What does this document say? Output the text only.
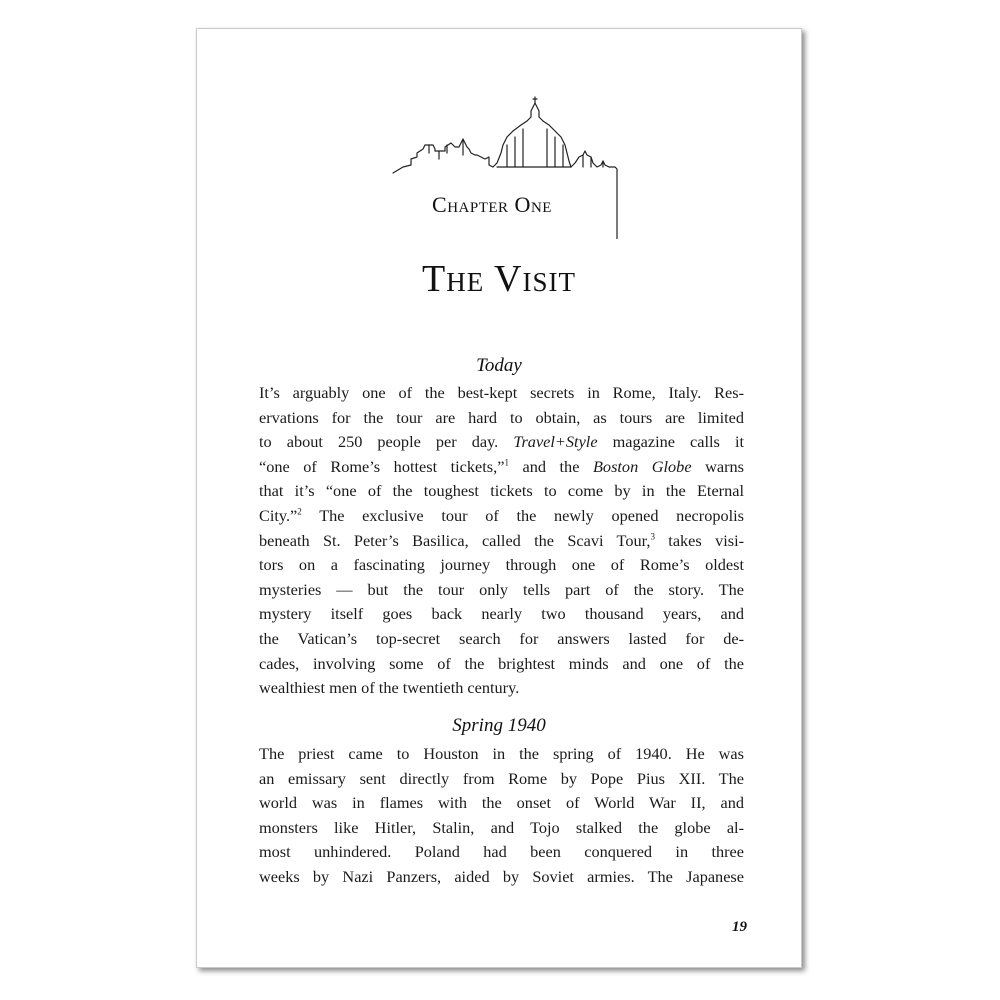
Chapter One
The Visit
Today
It’s arguably one of the best-kept secrets in Rome, Italy. Res-
ervations for the tour are hard to obtain, as tours are limited
to about 250 people per day. Travel+Style magazine calls it
“one of Rome’s hottest tickets,”$^1$ and the Boston Globe warns
that it’s “one of the toughest tickets to come by in the Eternal
City.”$^2$ The exclusive tour of the newly opened necropolis
beneath St. Peter’s Basilica, called the Scavi Tour,$^3$ takes visi-
tors on a fascinating journey through one of Rome’s oldest
mysteries — but the tour only tells part of the story. The
mystery itself goes back nearly two thousand years, and
the Vatican’s top-secret search for answers lasted for de-
cades, involving some of the brightest minds and one of the
wealthiest men of the twentieth century.
Spring 1940
The priest came to Houston in the spring of 1940. He was
an emissary sent directly from Rome by Pope Pius XII. The
world was in flames with the onset of World War II, and
monsters like Hitler, Stalin, and Tojo stalked the globe al-
most unhindered. Poland had been conquered in three
weeks by Nazi Panzers, aided by Soviet armies. The Japanese
19
